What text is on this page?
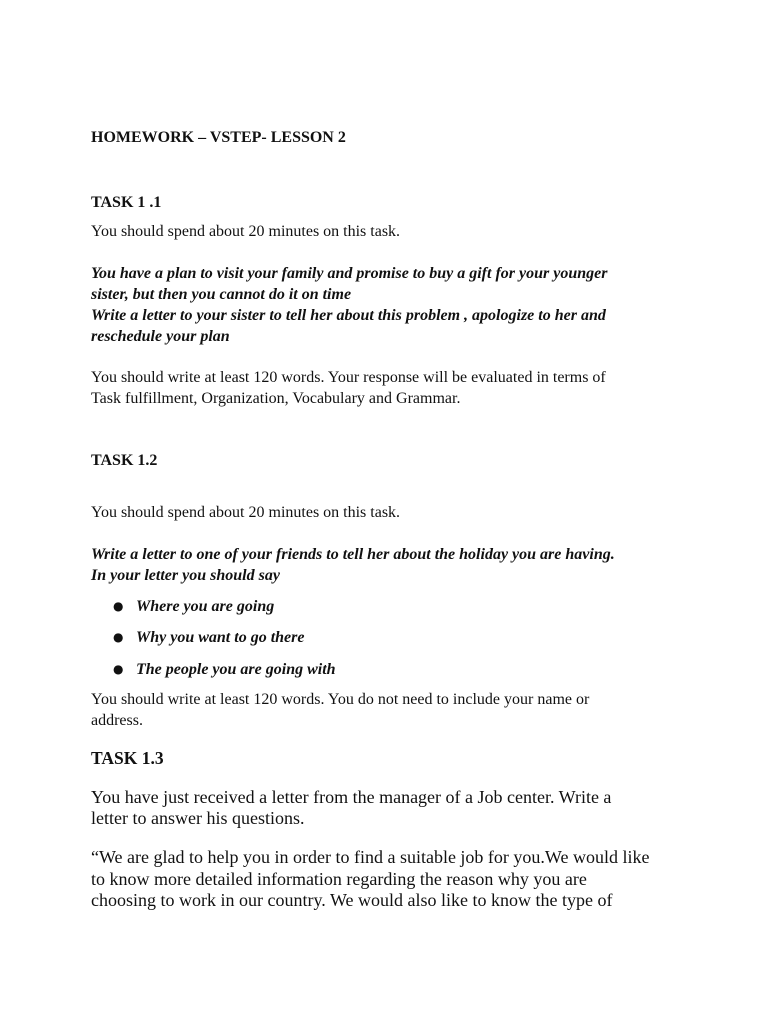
HOMEWORK – VSTEP- LESSON 2

TASK 1 .1

You should spend about 20 minutes on this task.

You have a plan to visit your family and promise to buy a gift for your younger

sister, but then you cannot do it on time

Write a letter to your sister to tell her about this problem , apologize to her and

reschedule your plan

You should write at least 120 words. Your response will be evaluated in terms of

Task fulfillment, Organization, Vocabulary and Grammar.

TASK 1.2

You should spend about 20 minutes on this task.

Write a letter to one of your friends to tell her about the holiday you are having.

In your letter you should say

● Where you are going
● Why you want to go there
● The people you are going with

You should write at least 120 words. You do not need to include your name or

address.

TASK 1.3

You have just received a letter from the manager of a Job center. Write a

letter to answer his questions.

“We are glad to help you in order to find a suitable job for you.We would like

to know more detailed information regarding the reason why you are

choosing to work in our country. We would also like to know the type of
